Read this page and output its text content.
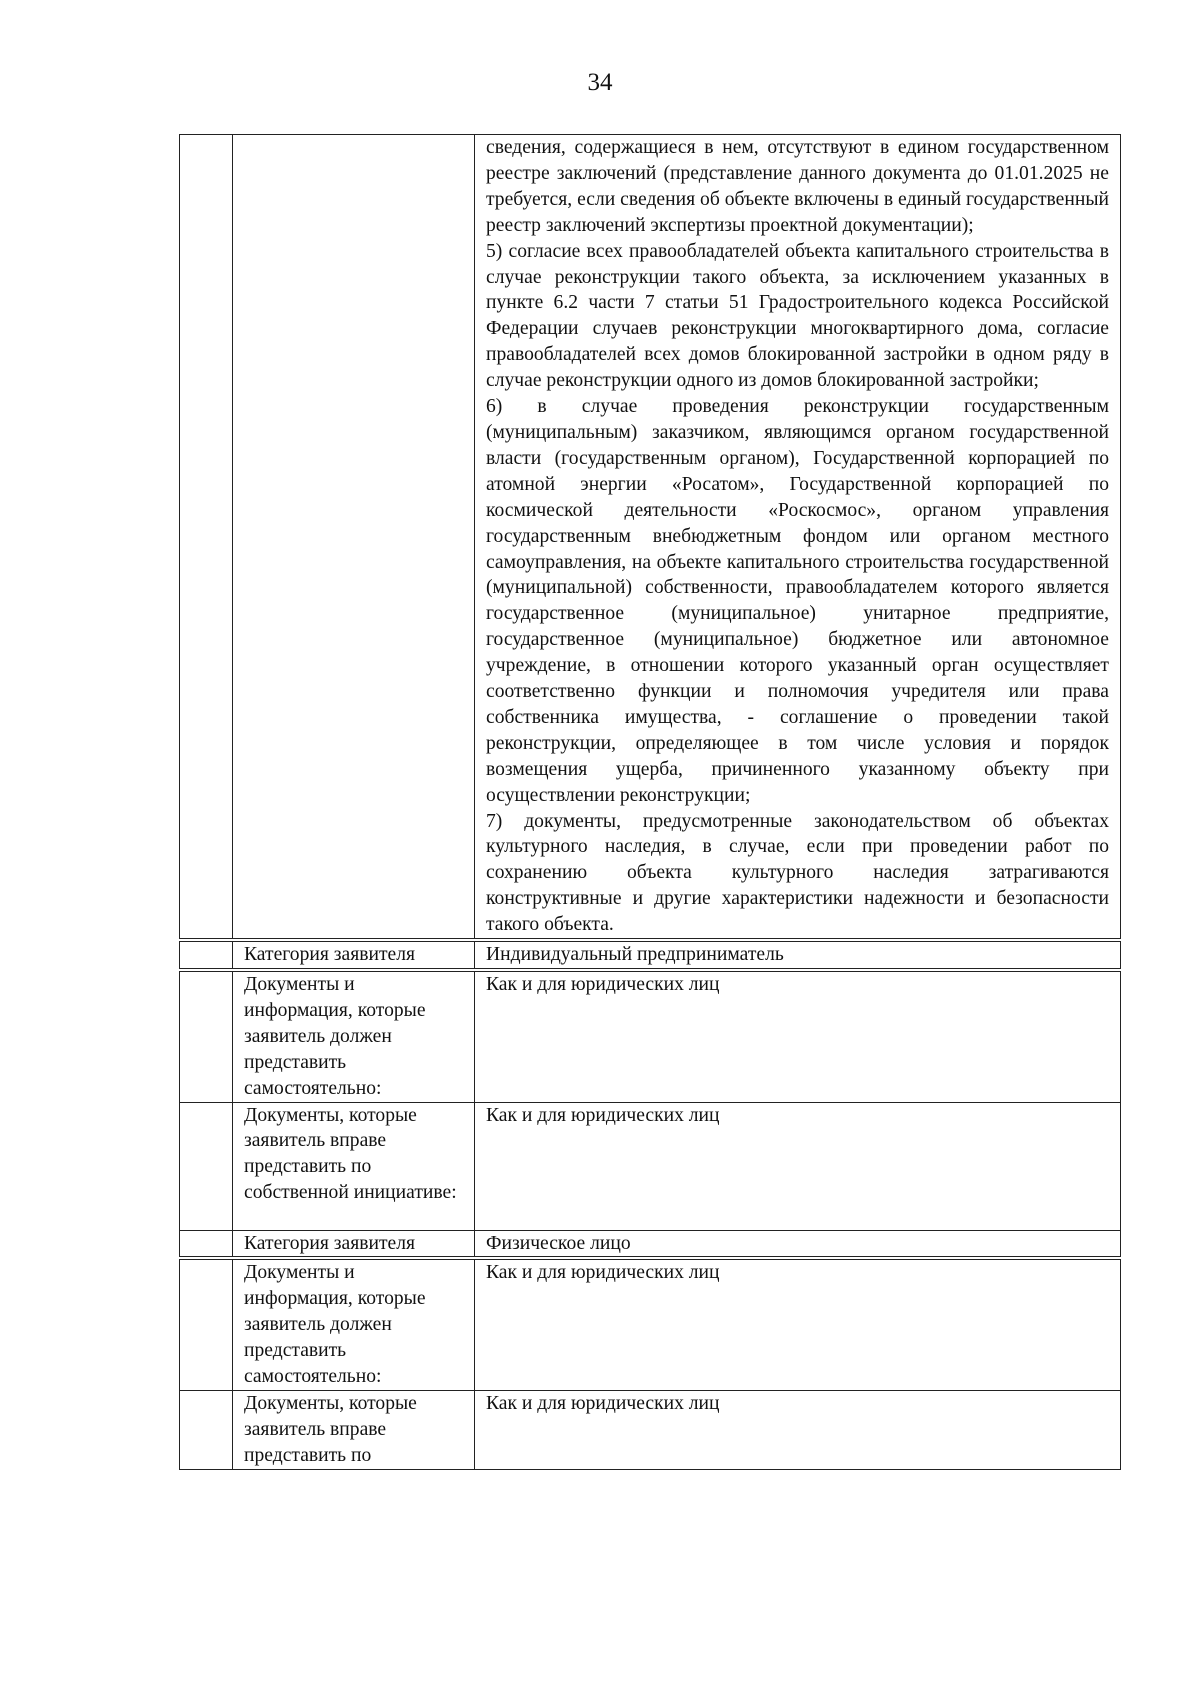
34

		сведения, содержащиеся в нем, отсутствуют в едином государственном реестре заключений (представление данного документа до 01.01.2025 не требуется, если сведения об объекте включены в единый государственный реестр заключений экспертизы проектной документации);

5) согласие всех правообладателей объекта капитального строительства в случае реконструкции такого объекта, за исключением указанных в пункте 6.2 части 7 статьи 51 Градостроительного кодекса Российской Федерации случаев реконструкции многоквартирного дома, согласие правообладателей всех домов блокированной застройки в одном ряду в случае реконструкции одного из домов блокированной застройки;

6) в случае проведения реконструкции государственным (муниципальным) заказчиком, являющимся органом государственной власти (государственным органом), Государственной корпорацией по атомной энергии «Росатом», Государственной корпорацией по космической деятельности «Роскосмос», органом управления государственным внебюджетным фондом или органом местного самоуправления, на объекте капитального строительства государственной (муниципальной) собственности, правообладателем которого является государственное (муниципальное) унитарное предприятие, государственное (муниципальное) бюджетное или автономное учреждение, в отношении которого указанный орган осуществляет соответственно функции и полномочия учредителя или права собственника имущества, - соглашение о проведении такой реконструкции, определяющее в том числе условия и порядок возмещения ущерба, причиненного указанному объекту при осуществлении реконструкции;

7) документы, предусмотренные законодательством об объектах культурного наследия, в случае, если при проведении работ по сохранению объекта культурного наследия затрагиваются конструктивные и другие характеристики надежности и безопасности такого объекта.

	Категория заявителя	Индивидуальный предприниматель
	Документы и информация, которые заявитель должен представить самостоятельно:	Как и для юридических лиц
	Документы, которые заявитель вправе представить по собственной инициативе:	Как и для юридических лиц
	Категория заявителя	Физическое лицо
	Документы и информация, которые заявитель должен представить самостоятельно:	Как и для юридических лиц
	Документы, которые заявитель вправе представить по	Как и для юридических лиц
